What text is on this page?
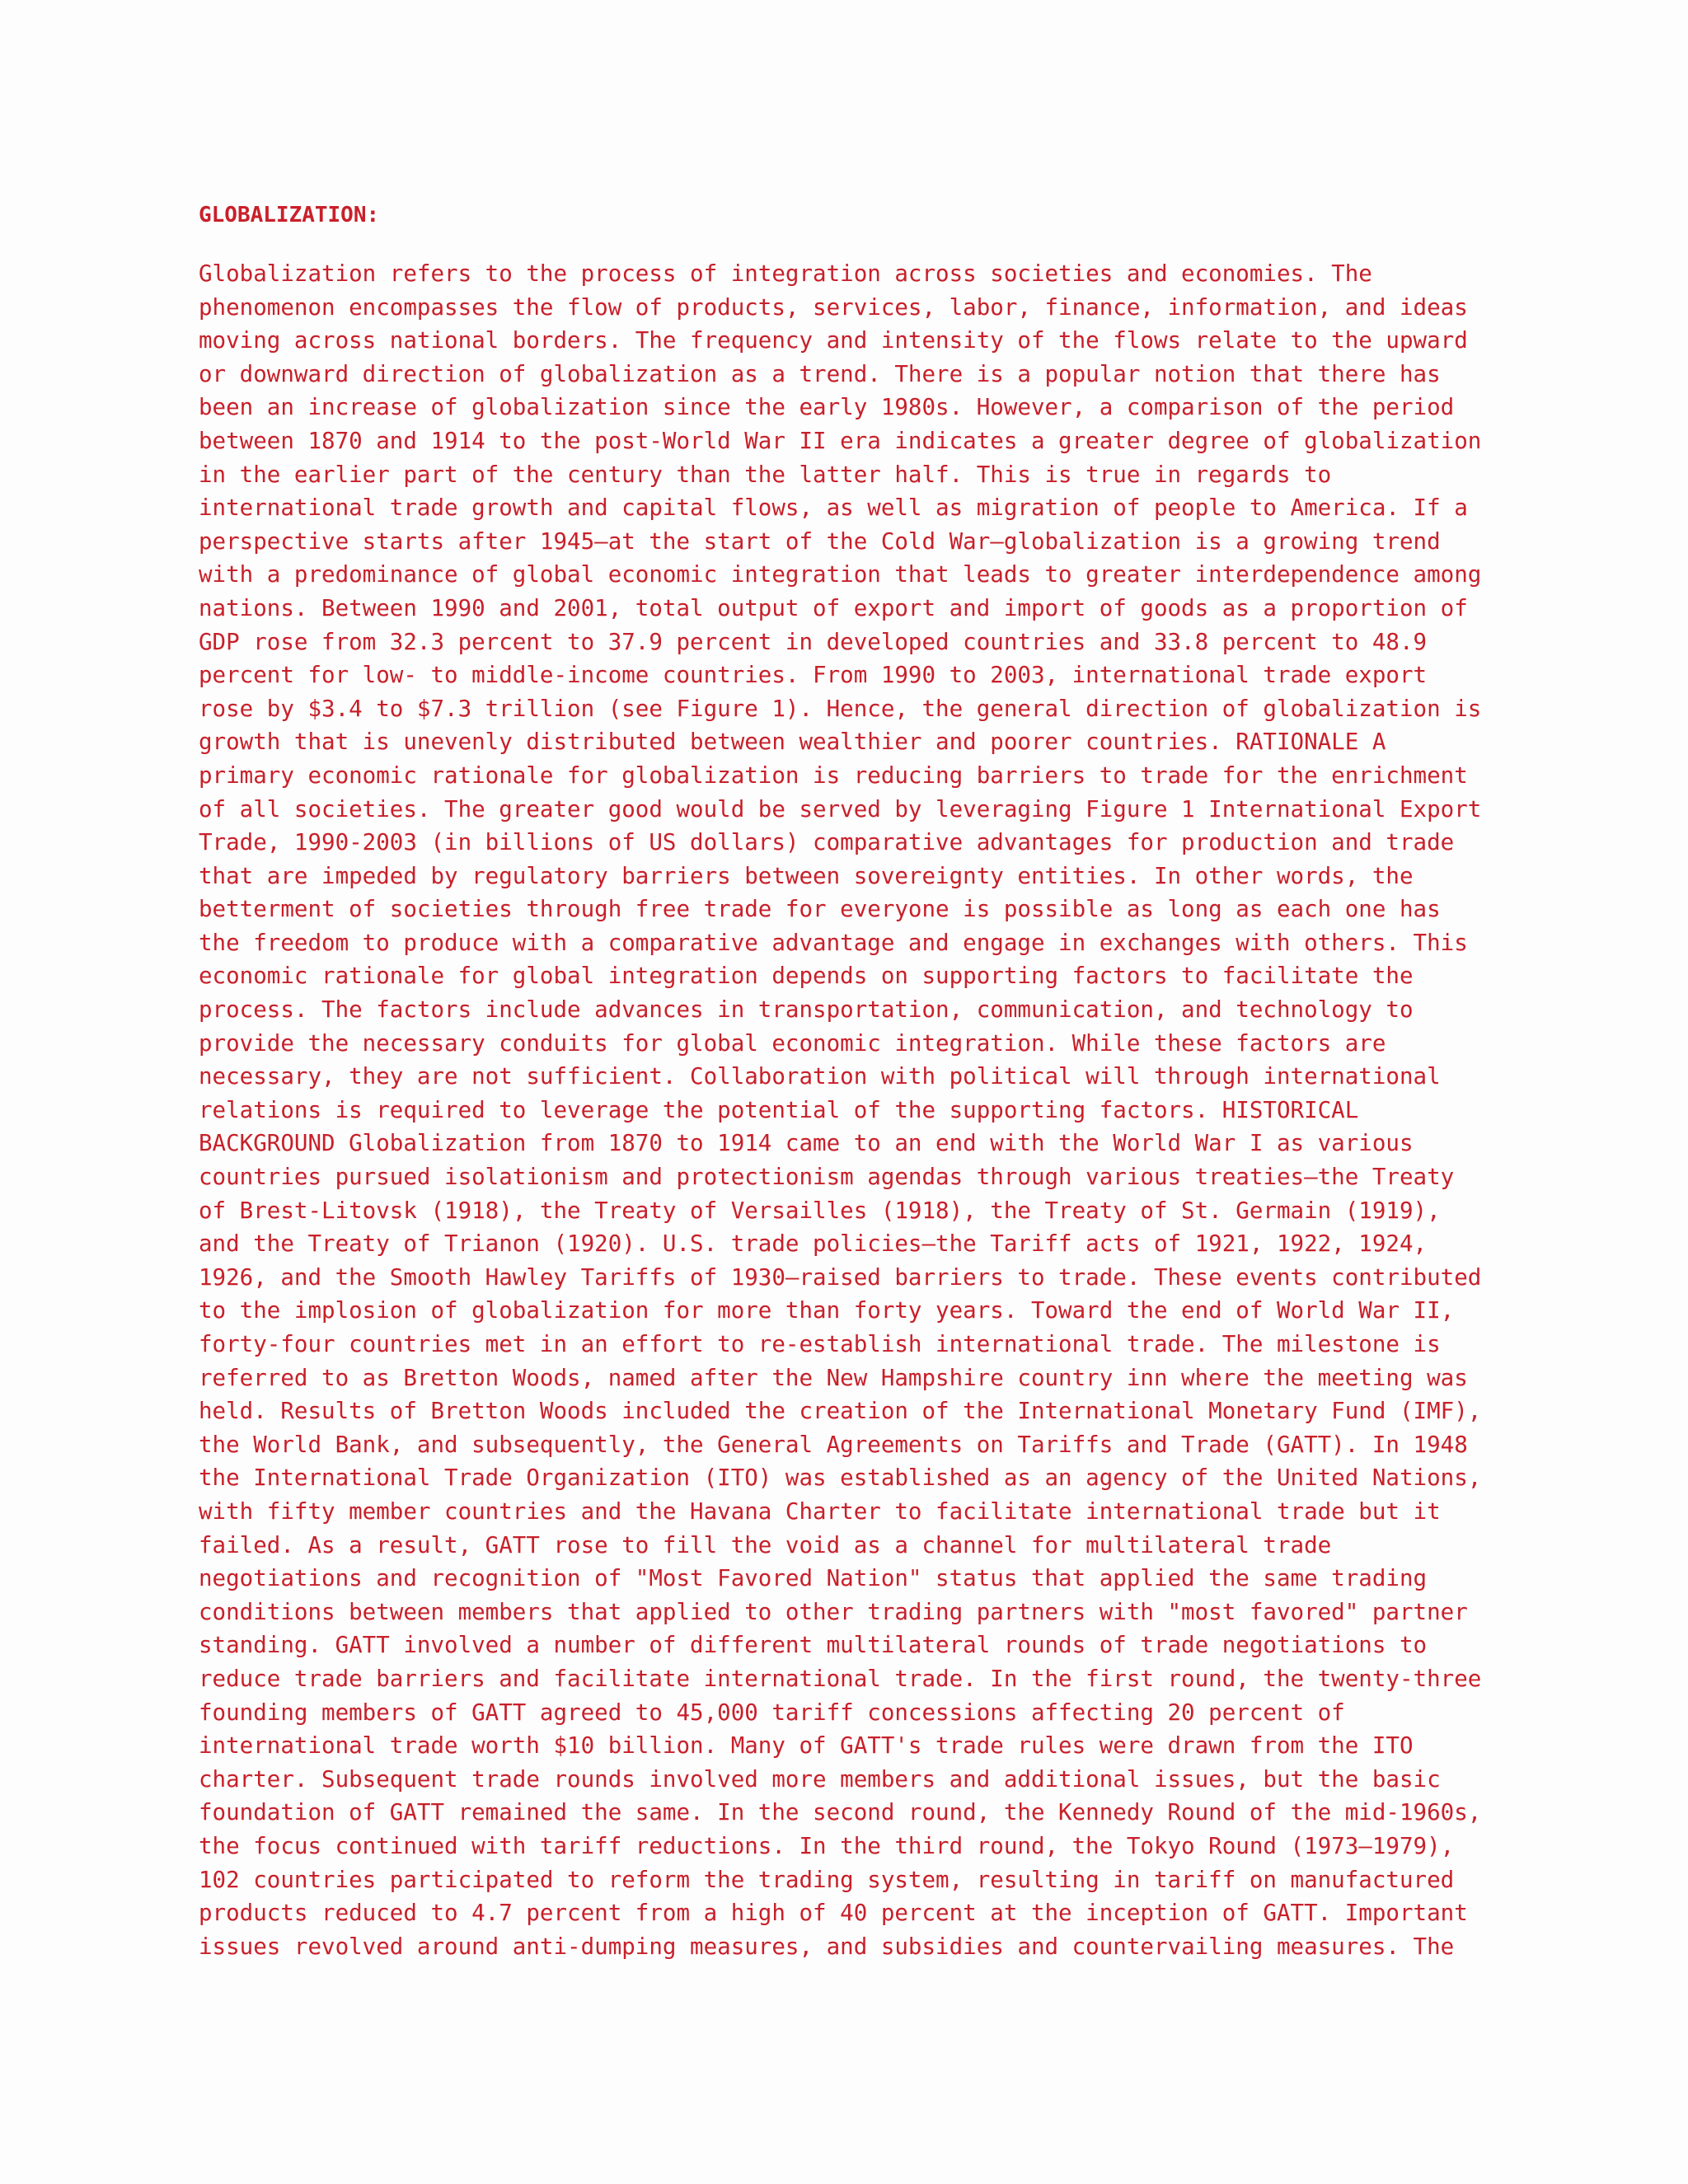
GLOBALIZATION:
Globalization refers to the process of integration across societies and economies. The
phenomenon encompasses the flow of products, services, labor, finance, information, and ideas
moving across national borders. The frequency and intensity of the flows relate to the upward
or downward direction of globalization as a trend. There is a popular notion that there has
been an increase of globalization since the early 1980s. However, a comparison of the period
between 1870 and 1914 to the post-World War II era indicates a greater degree of globalization
in the earlier part of the century than the latter half. This is true in regards to
international trade growth and capital flows, as well as migration of people to America. If a
perspective starts after 1945—at the start of the Cold War—globalization is a growing trend
with a predominance of global economic integration that leads to greater interdependence among
nations. Between 1990 and 2001, total output of export and import of goods as a proportion of
GDP rose from 32.3 percent to 37.9 percent in developed countries and 33.8 percent to 48.9
percent for low- to middle-income countries. From 1990 to 2003, international trade export
rose by $3.4 to $7.3 trillion (see Figure 1). Hence, the general direction of globalization is
growth that is unevenly distributed between wealthier and poorer countries. RATIONALE A
primary economic rationale for globalization is reducing barriers to trade for the enrichment
of all societies. The greater good would be served by leveraging Figure 1 International Export
Trade, 1990-2003 (in billions of US dollars) comparative advantages for production and trade
that are impeded by regulatory barriers between sovereignty entities. In other words, the
betterment of societies through free trade for everyone is possible as long as each one has
the freedom to produce with a comparative advantage and engage in exchanges with others. This
economic rationale for global integration depends on supporting factors to facilitate the
process. The factors include advances in transportation, communication, and technology to
provide the necessary conduits for global economic integration. While these factors are
necessary, they are not sufficient. Collaboration with political will through international
relations is required to leverage the potential of the supporting factors. HISTORICAL
BACKGROUND Globalization from 1870 to 1914 came to an end with the World War I as various
countries pursued isolationism and protectionism agendas through various treaties—the Treaty
of Brest-Litovsk (1918), the Treaty of Versailles (1918), the Treaty of St. Germain (1919),
and the Treaty of Trianon (1920). U.S. trade policies—the Tariff acts of 1921, 1922, 1924,
1926, and the Smooth Hawley Tariffs of 1930—raised barriers to trade. These events contributed
to the implosion of globalization for more than forty years. Toward the end of World War II,
forty-four countries met in an effort to re-establish international trade. The milestone is
referred to as Bretton Woods, named after the New Hampshire country inn where the meeting was
held. Results of Bretton Woods included the creation of the International Monetary Fund (IMF),
the World Bank, and subsequently, the General Agreements on Tariffs and Trade (GATT). In 1948
the International Trade Organization (ITO) was established as an agency of the United Nations,
with fifty member countries and the Havana Charter to facilitate international trade but it
failed. As a result, GATT rose to fill the void as a channel for multilateral trade
negotiations and recognition of "Most Favored Nation" status that applied the same trading
conditions between members that applied to other trading partners with "most favored" partner
standing. GATT involved a number of different multilateral rounds of trade negotiations to
reduce trade barriers and facilitate international trade. In the first round, the twenty-three
founding members of GATT agreed to 45,000 tariff concessions affecting 20 percent of
international trade worth $10 billion. Many of GATT's trade rules were drawn from the ITO
charter. Subsequent trade rounds involved more members and additional issues, but the basic
foundation of GATT remained the same. In the second round, the Kennedy Round of the mid-1960s,
the focus continued with tariff reductions. In the third round, the Tokyo Round (1973–1979),
102 countries participated to reform the trading system, resulting in tariff on manufactured
products reduced to 4.7 percent from a high of 40 percent at the inception of GATT. Important
issues revolved around anti-dumping measures, and subsidies and countervailing measures. The
